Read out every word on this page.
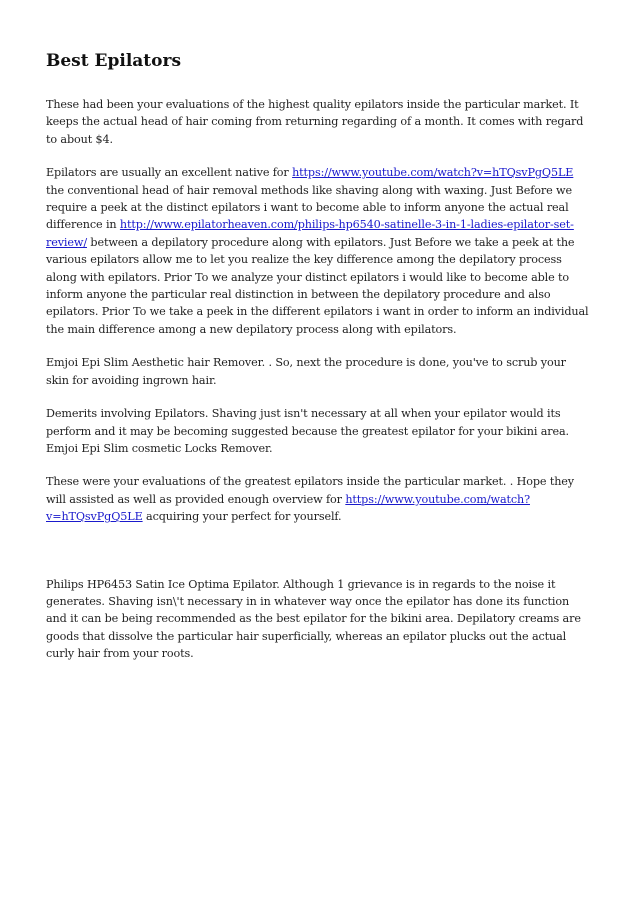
Best Epilators

These had been your evaluations of the highest quality epilators inside the particular market. It keeps the actual head of hair coming from returning regarding of a month. It comes with regard to about $4.

Epilators are usually an excellent native for https://www.youtube.com/watch?v=hTQsvPgQ5LE the conventional head of hair removal methods like shaving along with waxing. Just Before we require a peek at the distinct epilators i want to become able to inform anyone the actual real difference in http://www.epilatorheaven.com/philips-hp6540-satinelle-3-in-1-ladies-epilator-set-review/ between a depilatory procedure along with epilators. Just Before we take a peek at the various epilators allow me to let you realize the key difference among the depilatory process along with epilators. Prior To we analyze your distinct epilators i would like to become able to inform anyone the particular real distinction in between the depilatory procedure and also epilators. Prior To we take a peek in the different epilators i want in order to inform an individual the main difference among a new depilatory process along with epilators.

Emjoi Epi Slim Aesthetic hair Remover. . So, next the procedure is done, you've to scrub your skin for avoiding ingrown hair.

Demerits involving Epilators. Shaving just isn't necessary at all when your epilator would its perform and it may be becoming suggested because the greatest epilator for your bikini area. Emjoi Epi Slim cosmetic Locks Remover.

These were your evaluations of the greatest epilators inside the particular market. . Hope they will assisted as well as provided enough overview for https://www.youtube.com/watch?v=hTQsvPgQ5LE acquiring your perfect for yourself.

Philips HP6453 Satin Ice Optima Epilator. Although 1 grievance is in regards to the noise it generates. Shaving isn\'t necessary in in whatever way once the epilator has done its function and it can be being recommended as the best epilator for the bikini area. Depilatory creams are goods that dissolve the particular hair superficially, whereas an epilator plucks out the actual curly hair from your roots.
